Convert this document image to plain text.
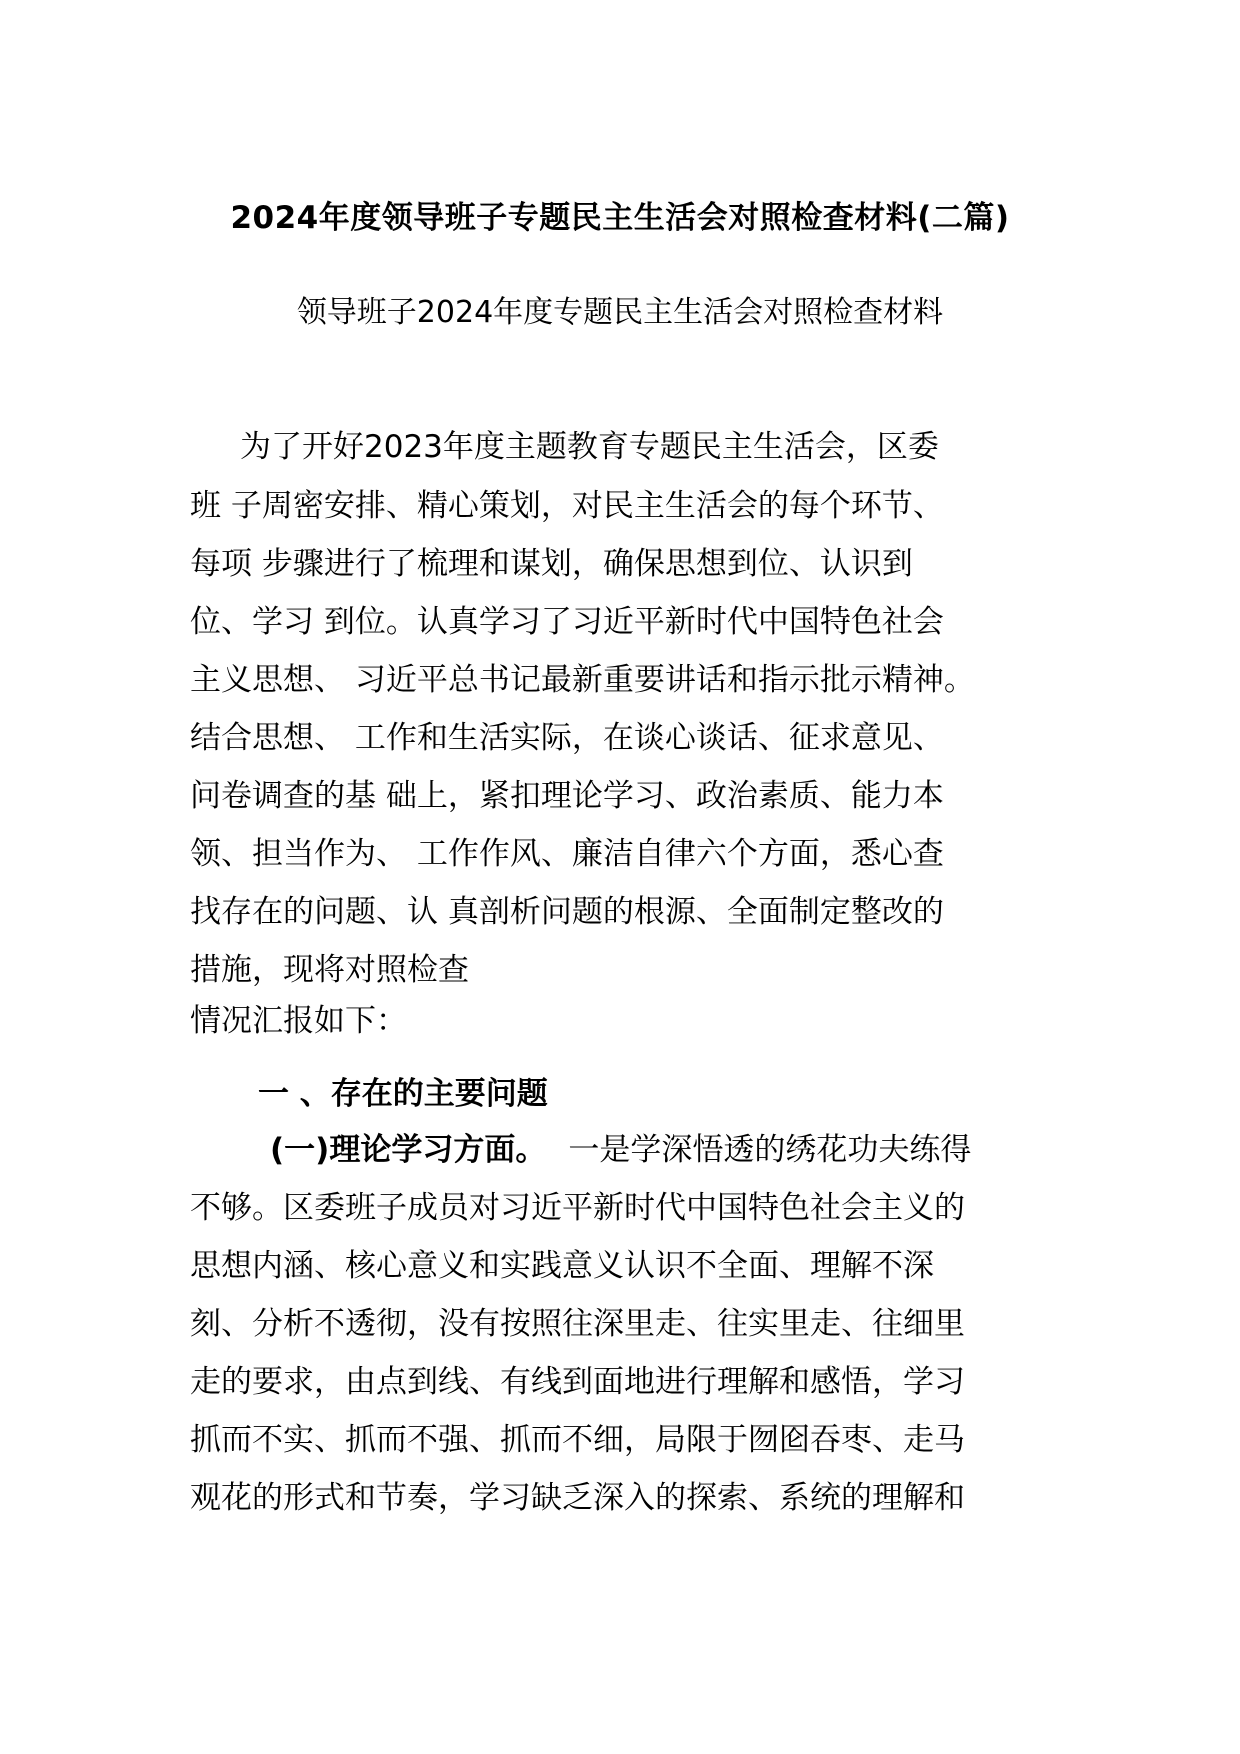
2024年度领导班子专题民主生活会对照检查材料(二篇)
领导班子2024年度专题民主生活会对照检查材料
为了开好2023年度主题教育专题民主生活会，区委
班 子周密安排、精心策划，对民主生活会的每个环节、
每项 步骤进行了梳理和谋划，确保思想到位、认识到
位、学习 到位。认真学习了习近平新时代中国特色社会
主义思想、 习近平总书记最新重要讲话和指示批示精神。
结合思想、 工作和生活实际，在谈心谈话、征求意见、
问卷调查的基 础上，紧扣理论学习、政治素质、能力本
领、担当作为、 工作作风、廉洁自律六个方面，悉心查
找存在的问题、认 真剖析问题的根源、全面制定整改的
措施，现将对照检查
情况汇报如下：
一 、存在的主要问题
(一)理论学习方面。 一是学深悟透的绣花功夫练得
不够。区委班子成员对习近平新时代中国特色社会主义的
思想内涵、核心意义和实践意义认识不全面、理解不深
刻、分析不透彻，没有按照往深里走、往实里走、往细里
走的要求，由点到线、有线到面地进行理解和感悟，学习
抓而不实、抓而不强、抓而不细，局限于囫囵吞枣、走马
观花的形式和节奏，学习缺乏深入的探索、系统的理解和
